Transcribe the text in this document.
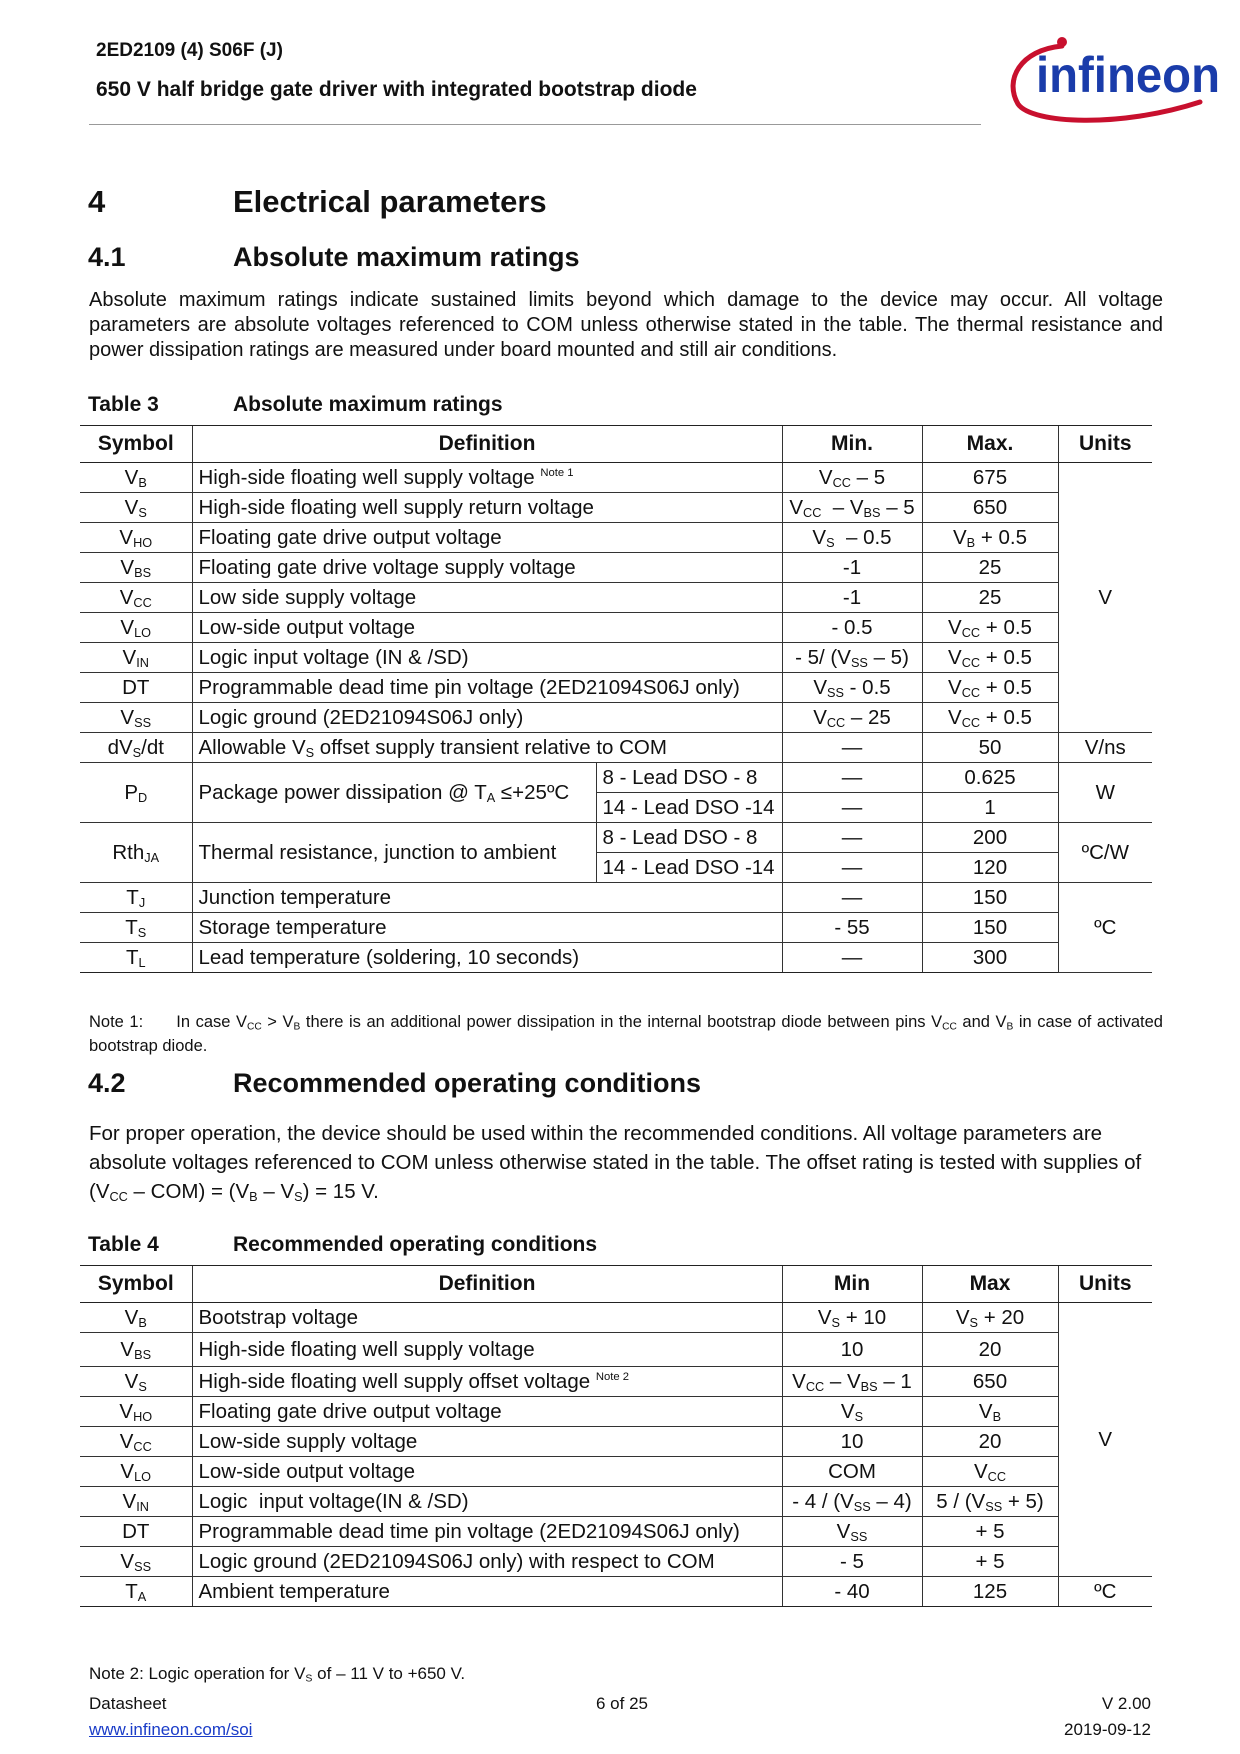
2ED2109 (4) S06F (J)
650 V half bridge gate driver with integrated bootstrap diode	infineon
4	Electrical parameters
4.1	Absolute maximum ratings
Absolute maximum ratings indicate sustained limits beyond which damage to the device may occur. All voltage parameters are absolute voltages referenced to COM unless otherwise stated in the table. The thermal resistance and power dissipation ratings are measured under board mounted and still air conditions.
Table 3	Absolute maximum ratings
Symbol	Definition		Min.	Max.	Units
$V_B$	High-side floating well supply voltage $^{Note 1}$		$V_{CC} - 5$	675	V
$V_S$	High-side floating well supply return voltage		$V_{CC} - V_{BS} - 5$	650	
$V_{HO}$	Floating gate drive output voltage		$V_S - 0.5$	$V_B + 0.5$	
$V_{BS}$	Floating gate drive voltage supply voltage		-1	25	
$V_{CC}$	Low side supply voltage		-1	25	
$V_{LO}$	Low-side output voltage		- 0.5	$V_{CC} + 0.5$	
$V_{IN}$	Logic input voltage (IN & /SD)		- 5/ $(V_{SS} - 5)$	$V_{CC} + 0.5$	
DT	Programmable dead time pin voltage (2ED21094S06J only)		$V_{SS} - 0.5$	$V_{CC} + 0.5$	
$V_{SS}$	Logic ground (2ED21094S06J only)		$V_{CC} - 25$	$V_{CC} + 0.5$	
$dV_S/dt$	Allowable $V_S$ offset supply transient relative to COM		—	50	V/ns
$P_D$	Package power dissipation @ $T_A$ ≤+25ºC	8 - Lead DSO - 8	—	0.625	W
		14 - Lead DSO -14	—	1	
Rth$_{JA}$	Thermal resistance, junction to ambient	8 - Lead DSO - 8	—	200	ºC/W
		14 - Lead DSO -14	—	120	
$T_J$	Junction temperature		—	150	ºC
$T_S$	Storage temperature		- 55	150	
$T_L$	Lead temperature (soldering, 10 seconds)		—	300	
Note 1: In case $V_{CC} > V_B$ there is an additional power dissipation in the internal bootstrap diode between pins $V_{CC}$ and $V_B$ in case of activated bootstrap diode.
4.2	Recommended operating conditions
For proper operation, the device should be used within the recommended conditions. All voltage parameters are absolute voltages referenced to COM unless otherwise stated in the table. The offset rating is tested with supplies of $(V_{CC} - COM) = (V_B - V_S) = 15$ V.
Table 4	Recommended operating conditions
Symbol	Definition	Min	Max	Units
$V_B$	Bootstrap voltage	$V_S + 10$	$V_S + 20$	V
$V_{BS}$	High-side floating well supply voltage	10	20	
$V_S$	High-side floating well supply offset voltage $^{Note 2}$	$V_{CC} - V_{BS} - 1$	650	
$V_{HO}$	Floating gate drive output voltage	$V_S$	$V_B$
$V_{CC}$	Low-side supply voltage	10	20	
$V_{LO}$	Low-side output voltage	COM	$V_{CC}$
$V_{IN}$	Logic  input voltage(IN & /SD)	- $4 / (V_{SS} - 4)$	$5 / (V_{SS} + 5)$	
DT	Programmable dead time pin voltage (2ED21094S06J only)	$V_{SS}$	+ 5	
$V_{SS}$	Logic ground (2ED21094S06J only) with respect to COM	- 5	+ 5	
$T_A$	Ambient temperature	- 40	125	ºC
Note 2: Logic operation for $V_S$ of – 11 V to +650 V.
Datasheet	6 of 25	V 2.00
www.infineon.com/soi	2019-09-12
